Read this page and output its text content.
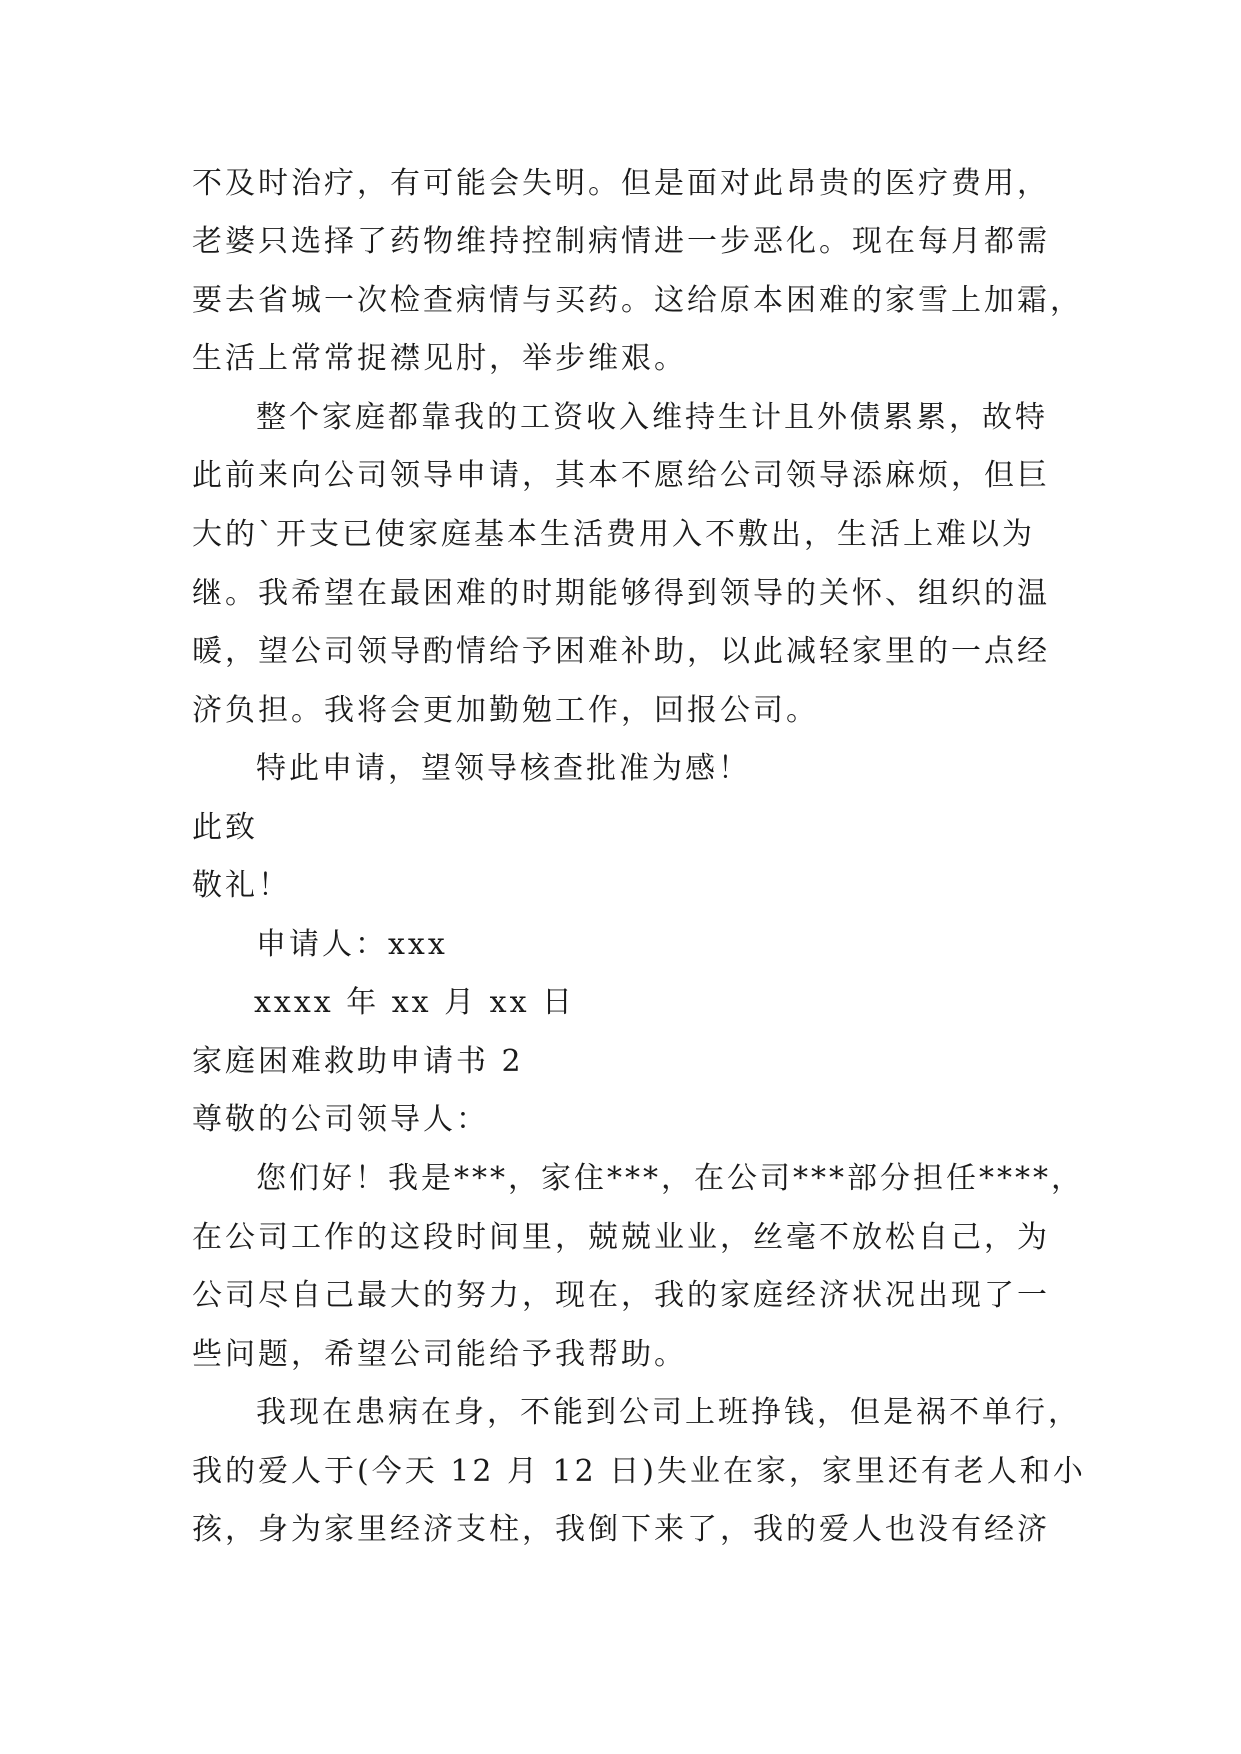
不及时治疗，有可能会失明。但是面对此昂贵的医疗费用，
老婆只选择了药物维持控制病情进一步恶化。现在每月都需
要去省城一次检查病情与买药。这给原本困难的家雪上加霜，
生活上常常捉襟见肘，举步维艰。
整个家庭都靠我的工资收入维持生计且外债累累，故特
此前来向公司领导申请，其本不愿给公司领导添麻烦，但巨
大的`开支已使家庭基本生活费用入不敷出，生活上难以为
继。我希望在最困难的时期能够得到领导的关怀、组织的温
暖，望公司领导酌情给予困难补助，以此减轻家里的一点经
济负担。我将会更加勤勉工作，回报公司。
特此申请，望领导核查批准为感！
此致
敬礼！
申请人：xxx
xxxx 年 xx 月 xx 日
家庭困难救助申请书 2
尊敬的公司领导人：
您们好！我是***，家住***，在公司***部分担任****，
在公司工作的这段时间里，兢兢业业，丝毫不放松自己，为
公司尽自己最大的努力，现在，我的家庭经济状况出现了一
些问题，希望公司能给予我帮助。
我现在患病在身，不能到公司上班挣钱，但是祸不单行，
我的爱人于(今天 12 月 12 日)失业在家，家里还有老人和小
孩，身为家里经济支柱，我倒下来了，我的爱人也没有经济
